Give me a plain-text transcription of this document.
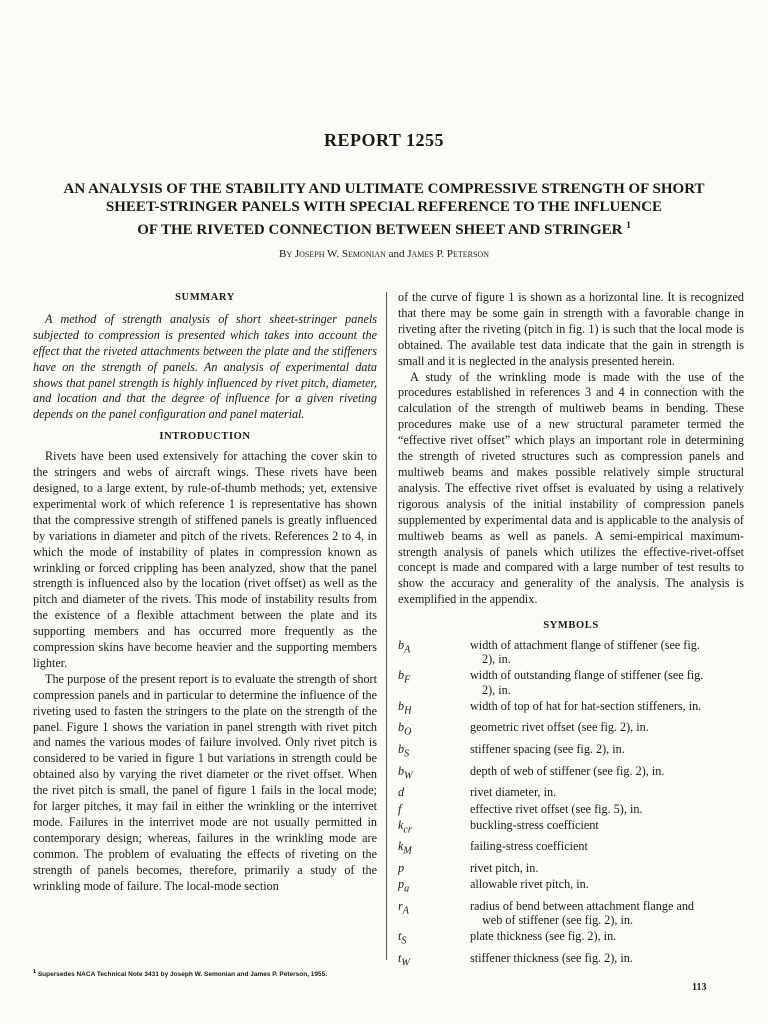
REPORT 1255
AN ANALYSIS OF THE STABILITY AND ULTIMATE COMPRESSIVE STRENGTH OF SHORT
SHEET-STRINGER PANELS WITH SPECIAL REFERENCE TO THE INFLUENCE
OF THE RIVETED CONNECTION BETWEEN SHEET AND STRINGER $^1$
By Joseph W. Semonian and James P. Peterson
SUMMARY

A method of strength analysis of short sheet-stringer panels subjected to compression is presented which takes into account the effect that the riveted attachments between the plate and the stiffeners have on the strength of panels. An analysis of experimental data shows that panel strength is highly influenced by rivet pitch, diameter, and location and that the degree of influence for a given riveting depends on the panel configuration and panel material.

INTRODUCTION

Rivets have been used extensively for attaching the cover skin to the stringers and webs of aircraft wings. These rivets have been designed, to a large extent, by rule-of-thumb methods; yet, extensive experimental work of which reference 1 is representative has shown that the compressive strength of stiffened panels is greatly influenced by variations in diameter and pitch of the rivets. References 2 to 4, in which the mode of instability of plates in compression known as wrinkling or forced crippling has been analyzed, show that the panel strength is influenced also by the location (rivet offset) as well as the pitch and diameter of the rivets. This mode of instability results from the existence of a flexible attachment between the plate and its supporting members and has occurred more frequently as the compression skins have become heavier and the supporting members lighter.

The purpose of the present report is to evaluate the strength of short compression panels and in particular to determine the influence of the riveting used to fasten the stringers to the plate on the strength of the panel. Figure 1 shows the variation in panel strength with rivet pitch and names the various modes of failure involved. Only rivet pitch is considered to be varied in figure 1 but variations in strength could be obtained also by varying the rivet diameter or the rivet offset. When the rivet pitch is small, the panel of figure 1 fails in the local mode; for larger pitches, it may fail in either the wrinkling or the interrivet mode. Failures in the interrivet mode are not usually permitted in contemporary design; whereas, failures in the wrinkling mode are common. The problem of evaluating the effects of riveting on the strength of panels becomes, therefore, primarily a study of the wrinkling mode of failure. The local-mode section

of the curve of figure 1 is shown as a horizontal line. It is recognized that there may be some gain in strength with a favorable change in riveting after the riveting (pitch in fig. 1) is such that the local mode is obtained. The available test data indicate that the gain in strength is small and it is neglected in the analysis presented herein.

A study of the wrinkling mode is made with the use of the procedures established in references 3 and 4 in connection with the calculation of the strength of multiweb beams in bending. These procedures make use of a new structural parameter termed the “effective rivet offset” which plays an important role in determining the strength of riveted structures such as compression panels and multiweb beams and makes possible relatively simple structural analysis. The effective rivet offset is evaluated by using a relatively rigorous analysis of the initial instability of compression panels supplemented by experimental data and is applicable to the analysis of multiweb beams as well as panels. A semi-empirical maximum-strength analysis of panels which utilizes the effective-rivet-offset concept is made and compared with a large number of test results to show the accuracy and generality of the analysis. The analysis is exemplified in the appendix.

SYMBOLS
$b_A$	width of attachment flange of stiffener (see fig.
2), in.
$b_F$	width of outstanding flange of stiffener (see fig.
2), in.
$b_H$	width of top of hat for hat-section stiffeners, in.
$b_O$	geometric rivet offset (see fig. 2), in.
$b_S$	stiffener spacing (see fig. 2), in.
$b_W$	depth of web of stiffener (see fig. 2), in.
d	rivet diameter, in.
f	effective rivet offset (see fig. 5), in.
$k_{cr}$	buckling-stress coefficient
$k_M$	failing-stress coefficient
p	rivet pitch, in.
$p_a$	allowable rivet pitch, in.
$r_A$	radius of bend between attachment flange and
web of stiffener (see fig. 2), in.
$t_S$	plate thickness (see fig. 2), in.
$t_W$	stiffener thickness (see fig. 2), in.
$^1$ Supersedes NACA Technical Note 3431 by Joseph W. Semonian and James P. Peterson, 1955.
113
